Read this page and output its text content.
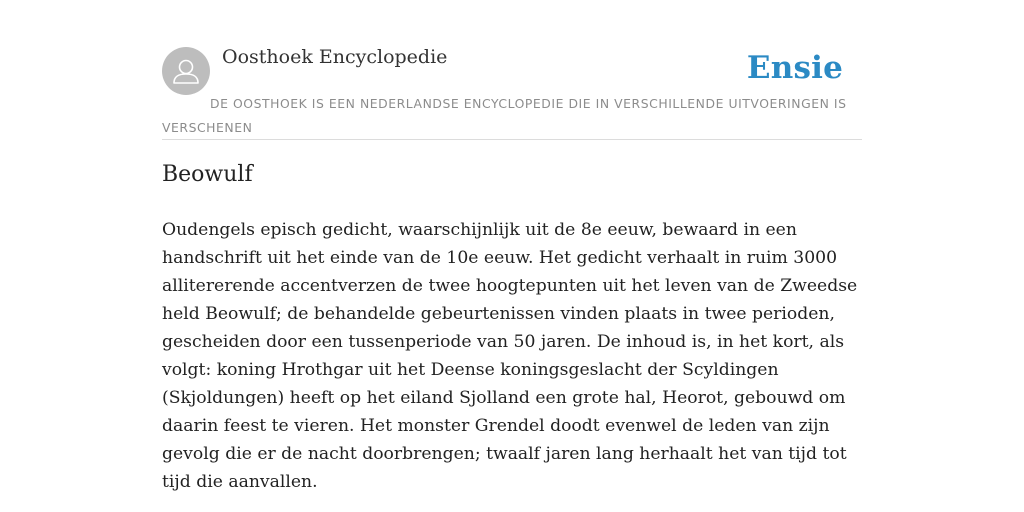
Oosthoek Encyclopedie	Ensie
DE OOSTHOEK IS EEN NEDERLANDSE ENCYCLOPEDIE DIE IN VERSCHILLENDE UITVOERINGEN IS VERSCHENEN
Beowulf

Oudengels episch gedicht, waarschijnlijk uit de 8e eeuw, bewaard in een handschrift uit het einde van de 10e eeuw. Het gedicht verhaalt in ruim 3000 allitererende accentverzen de twee hoogtepunten uit het leven van de Zweedse held Beowulf; de behandelde gebeurtenissen vinden plaats in twee perioden, gescheiden door een tussenperiode van 50 jaren. De inhoud is, in het kort, als volgt: koning Hrothgar uit het Deense koningsgeslacht der Scyldingen (Skjoldungen) heeft op het eiland Sjolland een grote hal, Heorot, gebouwd om daarin feest te vieren. Het monster Grendel doodt evenwel de leden van zijn gevolg die er de nacht doorbrengen; twaalf jaren lang herhaalt het van tijd tot tijd die aanvallen.
